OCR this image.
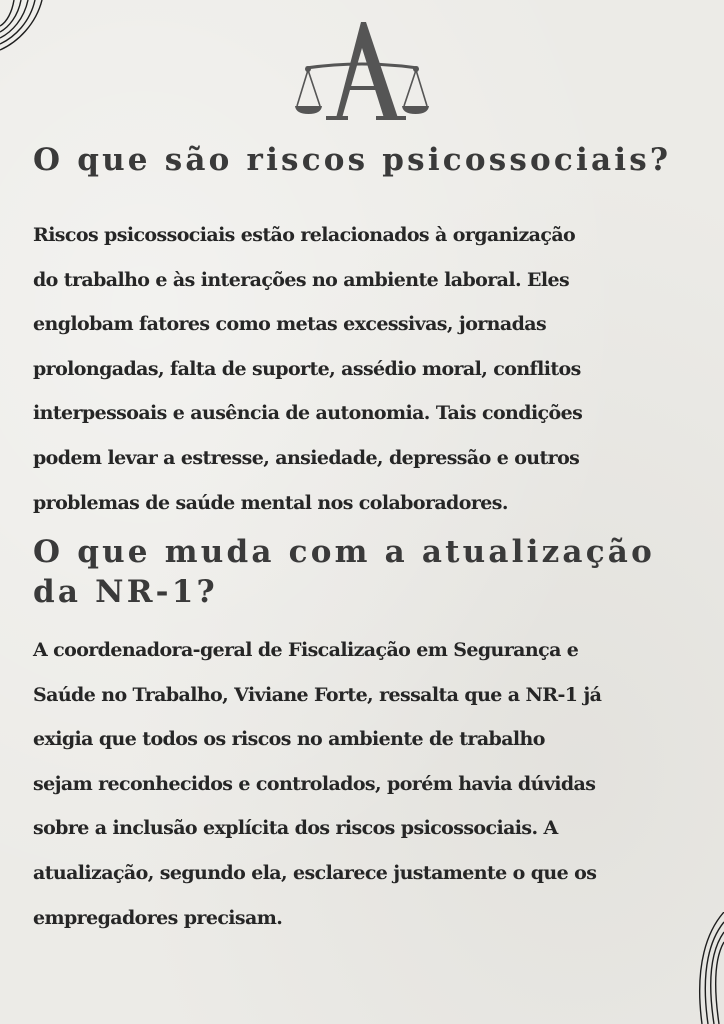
O que são riscos psicossociais?

Riscos psicossociais estão relacionados à organização
do trabalho e às interações no ambiente laboral. Eles
englobam fatores como metas excessivas, jornadas
prolongadas, falta de suporte, assédio moral, conflitos
interpessoais e ausência de autonomia. Tais condições
podem levar a estresse, ansiedade, depressão e outros
problemas de saúde mental nos colaboradores.

O que muda com a atualização
da NR-1?

A coordenadora-geral de Fiscalização em Segurança e
Saúde no Trabalho, Viviane Forte, ressalta que a NR-1 já
exigia que todos os riscos no ambiente de trabalho
sejam reconhecidos e controlados, porém havia dúvidas
sobre a inclusão explícita dos riscos psicossociais. A
atualização, segundo ela, esclarece justamente o que os
empregadores precisam.
